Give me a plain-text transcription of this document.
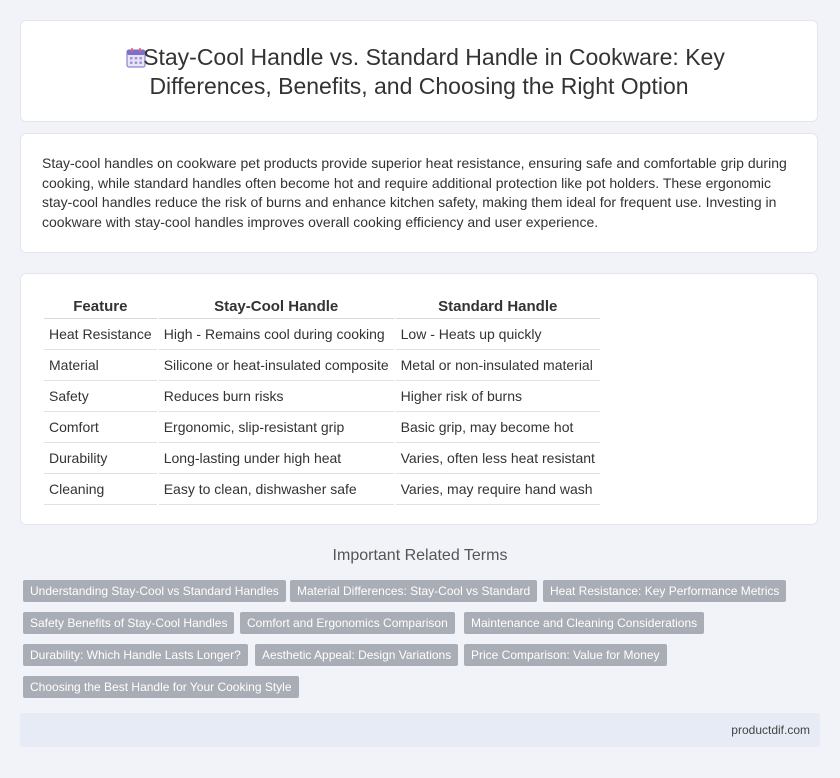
Stay-Cool Handle vs. Standard Handle in Cookware: Key
Differences, Benefits, and Choosing the Right Option

Stay-cool handles on cookware pet products provide superior heat resistance, ensuring safe and comfortable grip during cooking, while standard handles often become hot and require additional protection like pot holders. These ergonomic stay-cool handles reduce the risk of burns and enhance kitchen safety, making them ideal for frequent use. Investing in cookware with stay-cool handles improves overall cooking efficiency and user experience.

Feature	Stay-Cool Handle	Standard Handle
Heat Resistance	High - Remains cool during cooking	Low - Heats up quickly
Material	Silicone or heat-insulated composite	Metal or non-insulated material
Safety	Reduces burn risks	Higher risk of burns
Comfort	Ergonomic, slip-resistant grip	Basic grip, may become hot
Durability	Long-lasting under high heat	Varies, often less heat resistant
Cleaning	Easy to clean, dishwasher safe	Varies, may require hand wash
Important Related Terms
Understanding Stay-Cool vs Standard Handles	Material Differences: Stay-Cool vs Standard	Heat Resistance: Key Performance Metrics
Safety Benefits of Stay-Cool Handles	Comfort and Ergonomics Comparison	Maintenance and Cleaning Considerations
Durability: Which Handle Lasts Longer?	Aesthetic Appeal: Design Variations	Price Comparison: Value for Money
Choosing the Best Handle for Your Cooking Style
productdif.com
